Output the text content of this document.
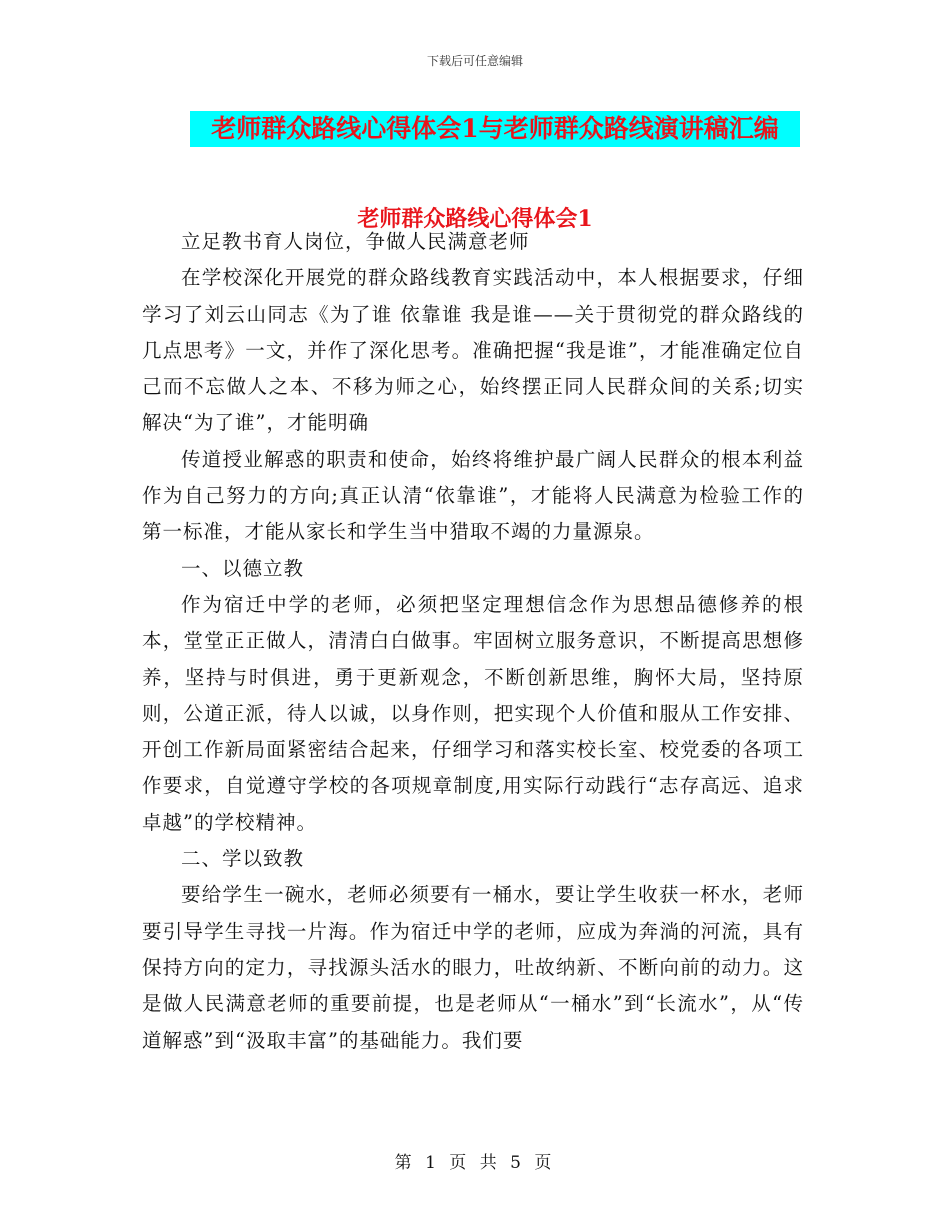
下载后可任意编辑
老师群众路线心得体会1与老师群众路线演讲稿汇编
老师群众路线心得体会1

立足教书育人岗位，争做人民满意老师

在学校深化开展党的群众路线教育实践活动中，本人根据要求，仔细学习了刘云山同志《为了谁 依靠谁 我是谁——关于贯彻党的群众路线的几点思考》一文，并作了深化思考。准确把握“我是谁”，才能准确定位自己而不忘做人之本、不移为师之心，始终摆正同人民群众间的关系;切实解决“为了谁”，才能明确

传道授业解惑的职责和使命，始终将维护最广阔人民群众的根本利益作为自己努力的方向;真正认清“依靠谁”，才能将人民满意为检验工作的第一标准，才能从家长和学生当中猎取不竭的力量源泉。

一、以德立教

作为宿迁中学的老师，必须把坚定理想信念作为思想品德修养的根本，堂堂正正做人，清清白白做事。牢固树立服务意识，不断提高思想修养，坚持与时俱进，勇于更新观念，不断创新思维，胸怀大局，坚持原则，公道正派，待人以诚，以身作则，把实现个人价值和服从工作安排、开创工作新局面紧密结合起来，仔细学习和落实校长室、校党委的各项工作要求，自觉遵守学校的各项规章制度,用实际行动践行“志存高远、追求卓越”的学校精神。

二、学以致教

要给学生一碗水，老师必须要有一桶水，要让学生收获一杯水，老师要引导学生寻找一片海。作为宿迁中学的老师，应成为奔淌的河流，具有保持方向的定力，寻找源头活水的眼力，吐故纳新、不断向前的动力。这是做人民满意老师的重要前提，也是老师从“一桶水”到“长流水”，从“传道解惑”到“汲取丰富”的基础能力。我们要

第 1 页 共 5 页
